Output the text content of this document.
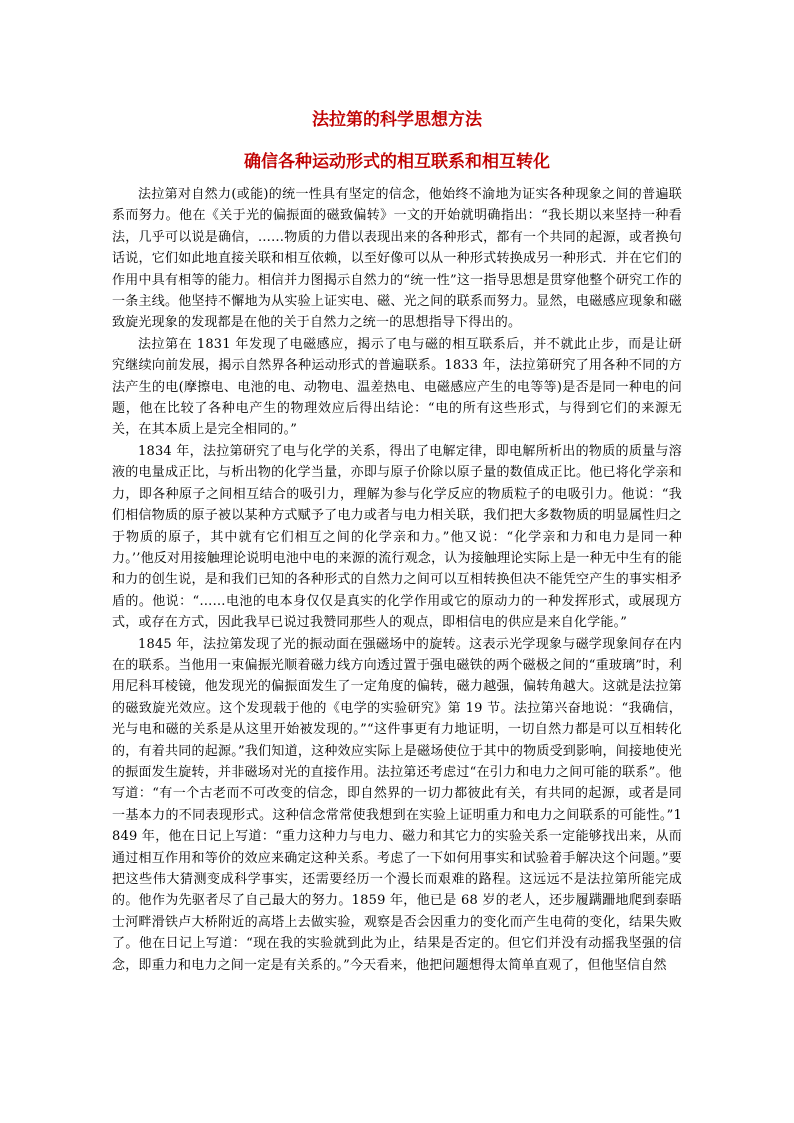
法拉第的科学思想方法
确信各种运动形式的相互联系和相互转化

法拉第对自然力(或能)的统一性具有坚定的信念，他始终不渝地为证实各种现象之间的普遍联系而努力。他在《关于光的偏振面的磁致偏转》一文的开始就明确指出：“我长期以来坚持一种看法，几乎可以说是确信，……物质的力借以表现出来的各种形式，都有一个共同的起源，或者换句话说，它们如此地直接关联和相互依赖，以至好像可以从一种形式转换成另一种形式．并在它们的作用中具有相等的能力。相信并力图揭示自然力的“统一性”这一指导思想是贯穿他整个研究工作的一条主线。他坚持不懈地为从实验上证实电、磁、光之间的联系而努力。显然，电磁感应现象和磁致旋光现象的发现都是在他的关于自然力之统一的思想指导下得出的。

法拉第在 1831 年发现了电磁感应，揭示了电与磁的相互联系后，并不就此止步，而是让研究继续向前发展，揭示自然界各种运动形式的普遍联系。1833 年，法拉第研究了用各种不同的方法产生的电(摩擦电、电池的电、动物电、温差热电、电磁感应产生的电等等)是否是同一种电的问题，他在比较了各种电产生的物理效应后得出结论：“电的所有这些形式，与得到它们的来源无关，在其本质上是完全相同的。”

1834 年，法拉第研究了电与化学的关系，得出了电解定律，即电解所析出的物质的质量与溶液的电量成正比，与析出物的化学当量，亦即与原子价除以原子量的数值成正比。他已将化学亲和力，即各种原子之间相互结合的吸引力，理解为参与化学反应的物质粒子的电吸引力。他说：“我们相信物质的原子被以某种方式赋予了电力或者与电力相关联，我们把大多数物质的明显属性归之于物质的原子，其中就有它们相互之间的化学亲和力。”他又说：“化学亲和力和电力是同一种力。’’他反对用接触理论说明电池中电的来源的流行观念，认为接触理论实际上是一种无中生有的能和力的创生说，是和我们已知的各种形式的自然力之间可以互相转换但决不能凭空产生的事实相矛盾的。他说：“……电池的电本身仅仅是真实的化学作用或它的原动力的一种发挥形式，或展现方式，或存在方式，因此我早已说过我赞同那些人的观点，即相信电的供应是来自化学能。”

1845 年，法拉第发现了光的振动面在强磁场中的旋转。这表示光学现象与磁学现象间存在内在的联系。当他用一束偏振光顺着磁力线方向透过置于强电磁铁的两个磁极之间的“重玻璃”时，利用尼科耳棱镜，他发现光的偏振面发生了一定角度的偏转，磁力越强，偏转角越大。这就是法拉第的磁致旋光效应。这个发现载于他的《电学的实验研究》第 19 节。法拉第兴奋地说：“我确信，光与电和磁的关系是从这里开始被发现的。”“这件事更有力地证明，一切自然力都是可以互相转化的，有着共同的起源。”我们知道，这种效应实际上是磁场使位于其中的物质受到影响，间接地使光的振面发生旋转，并非磁场对光的直接作用。法拉第还考虑过“在引力和电力之间可能的联系”。他写道：“有一个古老而不可改变的信念，即自然界的一切力都彼此有关，有共同的起源，或者是同一基本力的不同表现形式。这种信念常常使我想到在实验上证明重力和电力之间联系的可能性。”1849 年，他在日记上写道：“重力这种力与电力、磁力和其它力的实验关系一定能够找出来，从而通过相互作用和等价的效应来确定这种关系。考虑了一下如何用事实和试验着手解决这个问题。”要把这些伟大猜测变成科学事实，还需要经历一个漫长而艰难的路程。这远远不是法拉第所能完成的。他作为先驱者尽了自己最大的努力。1859 年，他已是 68 岁的老人，还步履蹒跚地爬到泰晤士河畔滑铁卢大桥附近的高塔上去做实验，观察是否会因重力的变化而产生电荷的变化，结果失败了。他在日记上写道：“现在我的实验就到此为止，结果是否定的。但它们并没有动摇我坚强的信念，即重力和电力之间一定是有关系的。”今天看来，他把问题想得太简单直观了，但他坚信自然
